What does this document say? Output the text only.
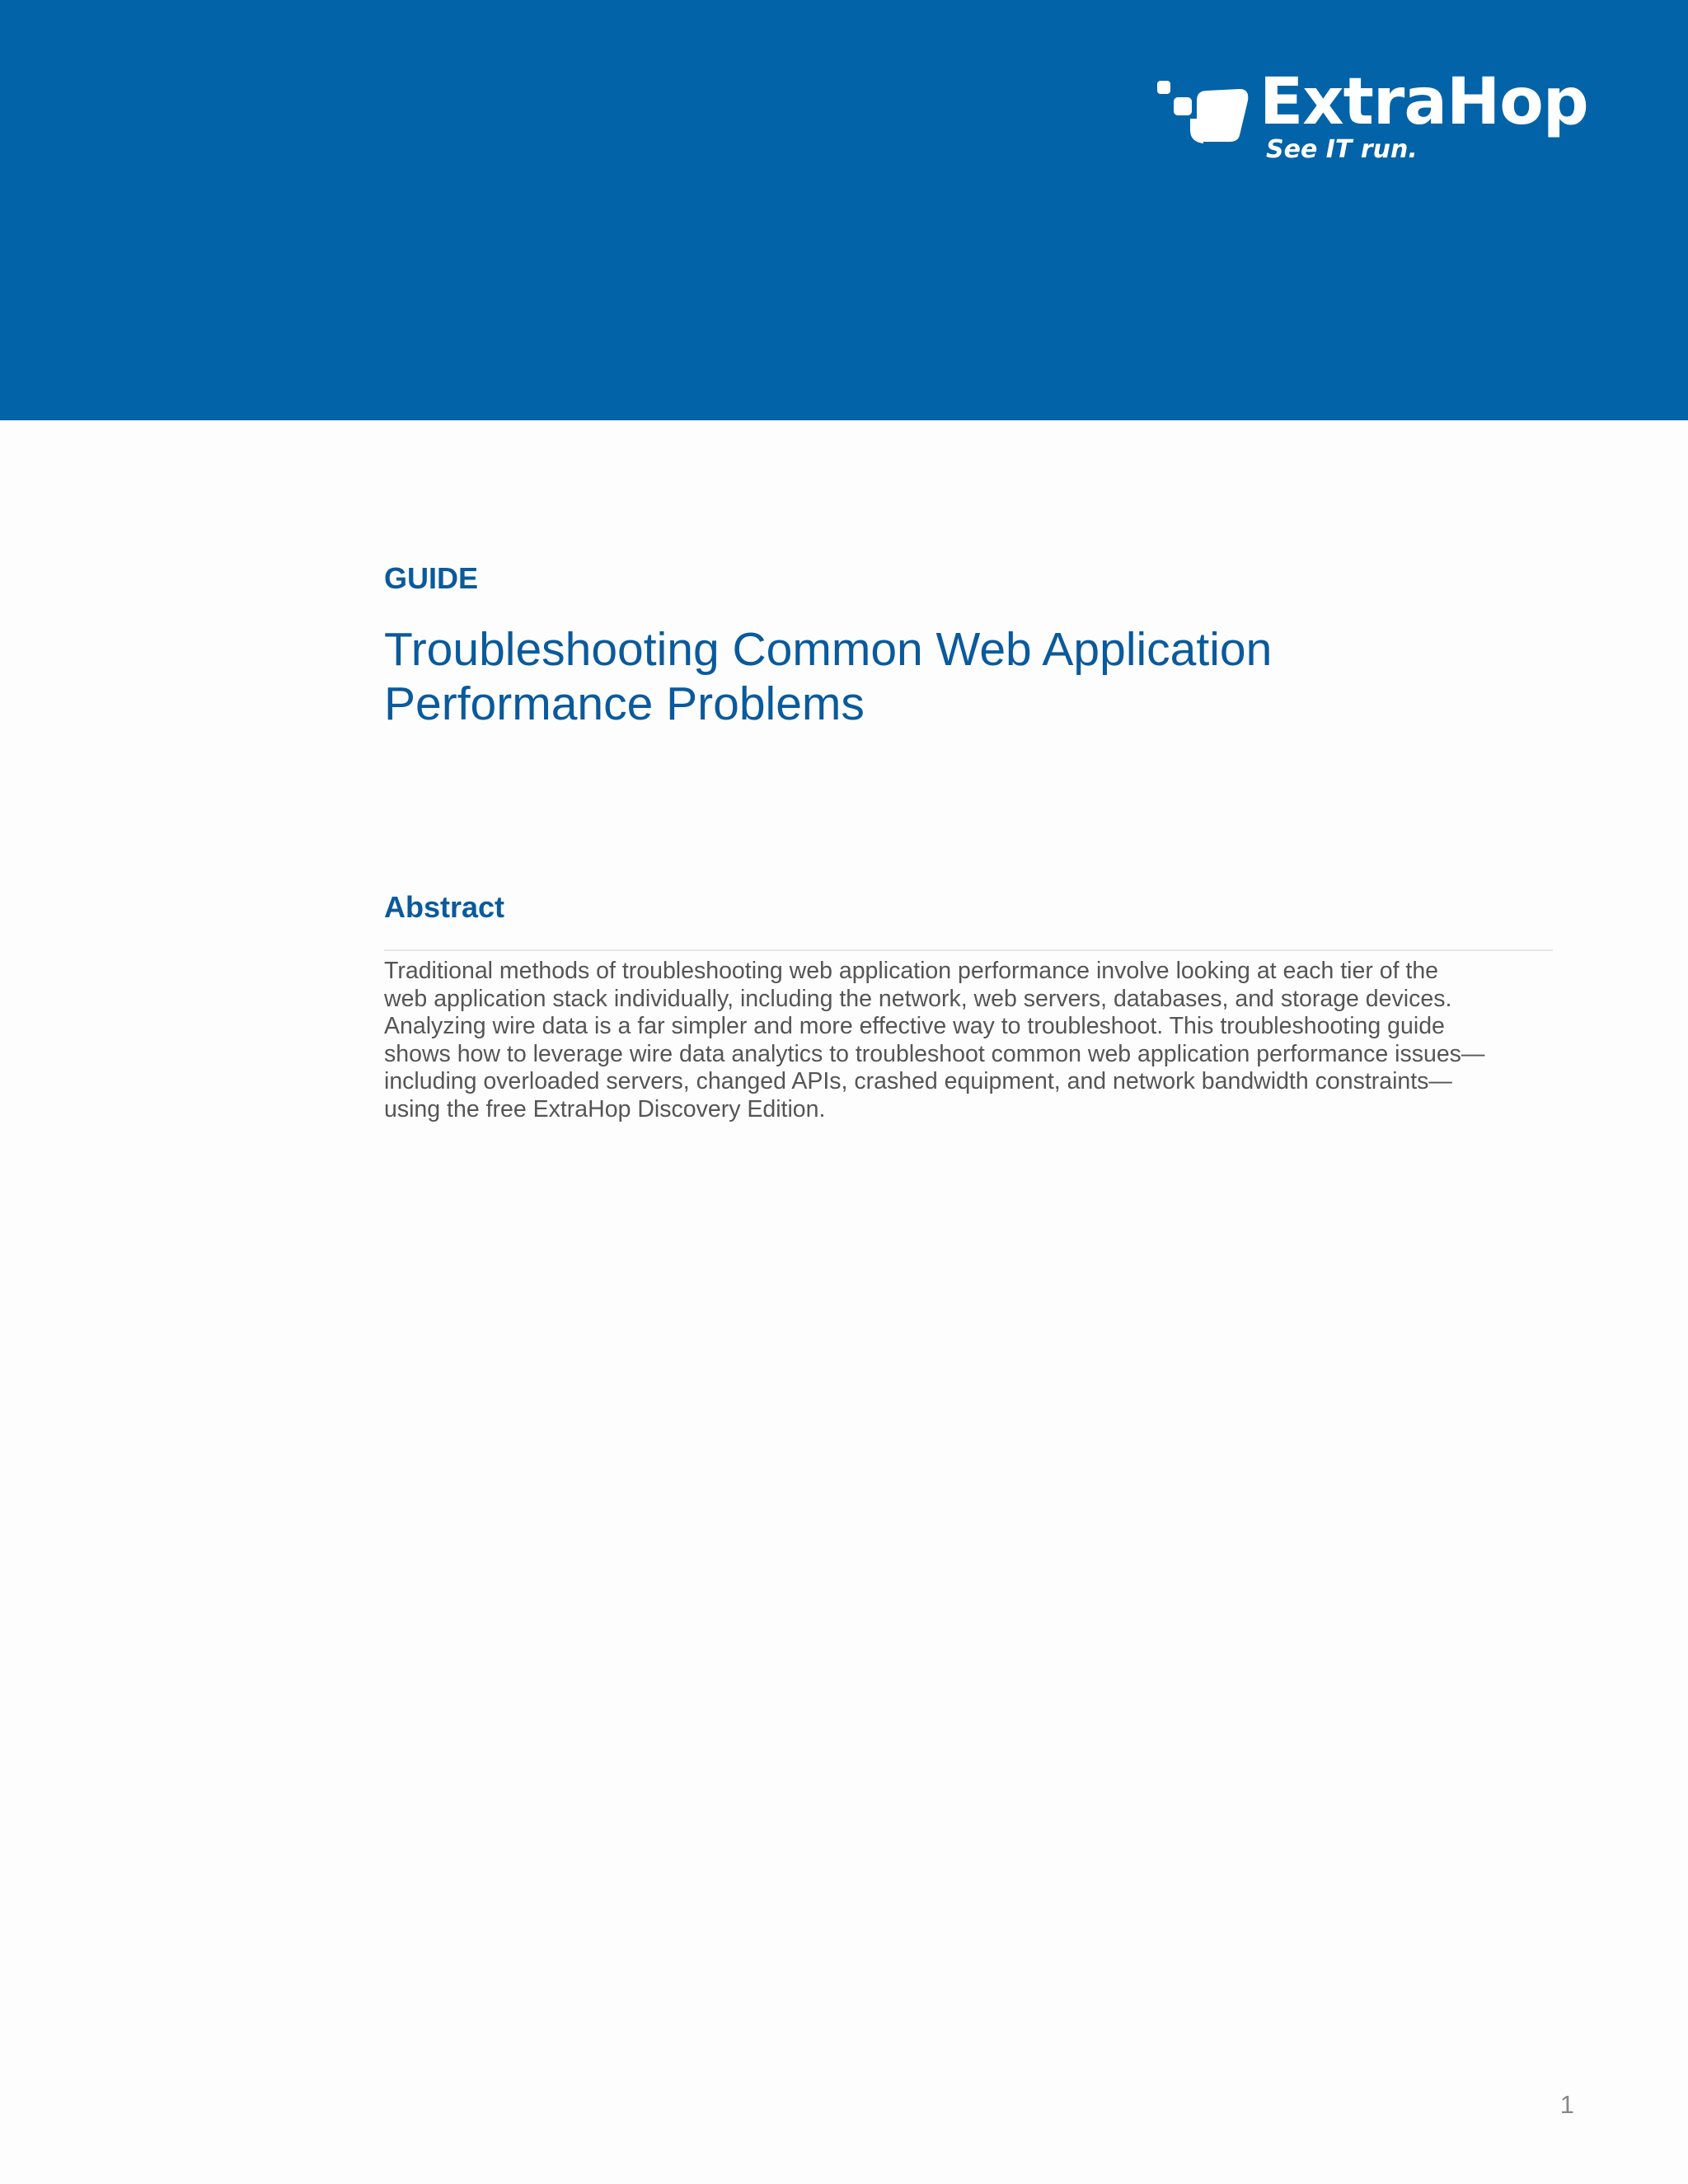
ExtraHop
See IT run.

GUIDE

Troubleshooting Common Web Application
Performance Problems
Abstract

Traditional methods of troubleshooting web application performance involve looking at each tier of the
web application stack individually, including the network, web servers, databases, and storage devices.
Analyzing wire data is a far simpler and more effective way to troubleshoot. This troubleshooting guide
shows how to leverage wire data analytics to troubleshoot common web application performance issues—
including overloaded servers, changed APIs, crashed equipment, and network bandwidth constraints—
using the free ExtraHop Discovery Edition.

1
